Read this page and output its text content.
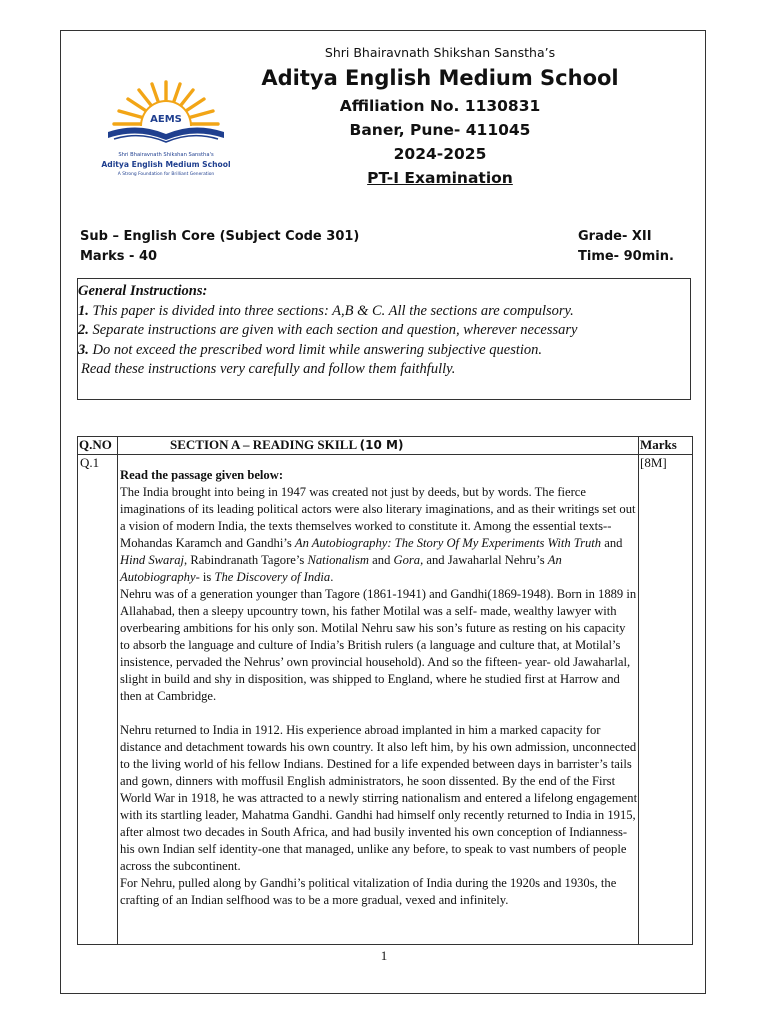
Shri Bhairavnath Shikshan Sanstha’s
Aditya English Medium School
Affiliation No. 1130831
Baner, Pune- 411045
2024-2025
PT-I Examination
AEMS
Shri Bhairavnath Shikshan Sanstha's
Aditya English Medium School
A Strong Foundation for Brilliant Generation
Sub – English Core (Subject Code 301)
Marks - 40
Grade- XII
Time- 90min.
General Instructions:
1. This paper is divided into three sections: A,B & C. All the sections are compulsory.
2. Separate instructions are given with each section and question, wherever necessary
3. Do not exceed the prescribed word limit while answering subjective question.
Read these instructions very carefully and follow them faithfully.
Q.NO	SECTION A – READING SKILL (10 M)	Marks
Q.1	Read the passage given below:

The India brought into being in 1947 was created not just by deeds, but by words. The fierce imaginations of its leading political actors were also literary imaginations, and as their writings set out a vision of modern India, the texts themselves worked to constitute it. Among the essential texts--Mohandas Karamch and Gandhi’s An Autobiography: The Story Of My Experiments With Truth and Hind Swaraj, Rabindranath Tagore’s Nationalism and Gora, and Jawaharlal Nehru’s An Autobiography- is The Discovery of India.

Nehru was of a generation younger than Tagore (1861-1941) and Gandhi(1869-1948). Born in 1889 in Allahabad, then a sleepy upcountry town, his father Motilal was a self- made, wealthy lawyer with overbearing ambitions for his only son. Motilal Nehru saw his son’s future as resting on his capacity to absorb the language and culture of India’s British rulers (a language and culture that, at Motilal’s insistence, pervaded the Nehrus’ own provincial household). And so the fifteen- year- old Jawaharlal, slight in build and shy in disposition, was shipped to England, where he studied first at Harrow and then at Cambridge.

Nehru returned to India in 1912. His experience abroad implanted in him a marked capacity for distance and detachment towards his own country. It also left him, by his own admission, unconnected to the living world of his fellow Indians. Destined for a life expended between days in barrister’s tails and gown, dinners with moffusil English administrators, he soon dissented. By the end of the First World War in 1918, he was attracted to a newly stirring nationalism and entered a lifelong engagement with its startling leader, Mahatma Gandhi. Gandhi had himself only recently returned to India in 1915, after almost two decades in South Africa, and had busily invented his own conception of Indianness- his own Indian self identity-one that managed, unlike any before, to speak to vast numbers of people across the subcontinent.

For Nehru, pulled along by Gandhi’s political vitalization of India during the 1920s and 1930s, the crafting of an Indian selfhood was to be a more gradual, vexed and infinitely.	[8M]
1
